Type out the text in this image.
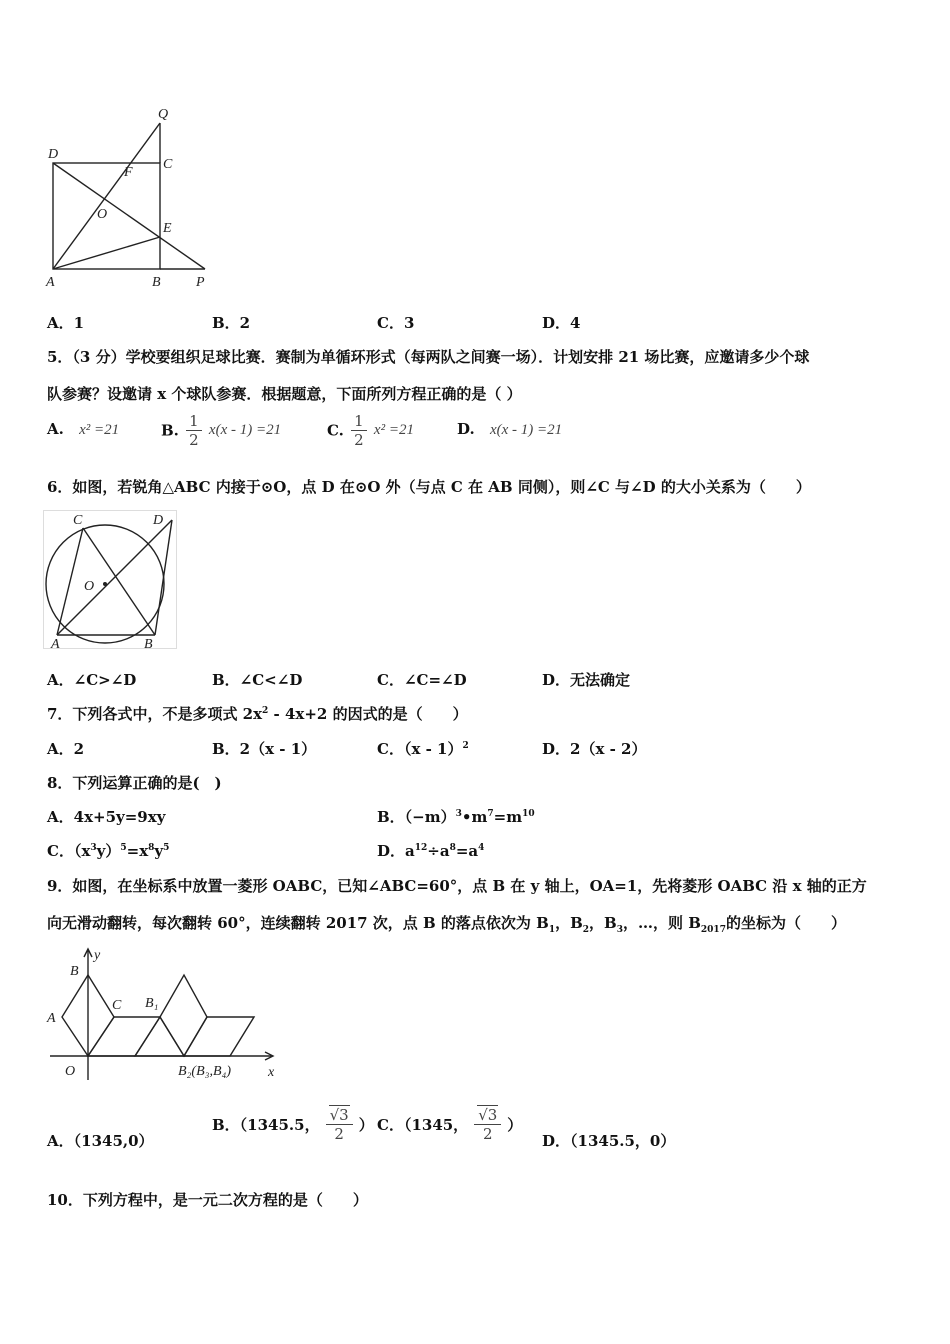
Q
D
C
F
O
E
A	B	P
A．1	B．2	C．3	D．4
5．（3 分）学校要组织足球比赛．赛制为单循环形式（每两队之间赛一场）．计划安排 21 场比赛，应邀请多少个球
队参赛？设邀请 x 个球队参赛．根据题意，下面所列方程正确的是（ ）
A. x² =21	B. $\frac{1}{2} x(x - 1) =21$	C. $\frac{1}{2} x^2 =21$	D. x(x - 1) =21
6．如图，若锐角△ABC 内接于⊙O，点 D 在⊙O 外（与点 C 在 AB 同侧），则∠C 与∠D 的大小关系为（　　）
C	D
O
A	B
A．∠C>∠D	B．∠C<∠D	C．∠C=∠D	D．无法确定
7．下列各式中，不是多项式 $2x^2 - 4x+2$ 的因式的是（　　）
A．2	B．2（x - 1）	C．（x - 1）$^2$	D．2（x - 2）
8．下列运算正确的是(　)
A．4x+5y=9xy	B．$(-m)^3•m^7=m^{10}$
C．$(x^3y)^5=x^8y^5$	D．$a^{12}\div a^8=a^4$
9．如图，在坐标系中放置一菱形 OABC，已知∠ABC=60°，点 B 在 y 轴上，OA=1，先将菱形 OABC 沿 x 轴的正方
向无滑动翻转，每次翻转 60°，连续翻转 2017 次，点 B 的落点依次为 $B_1$，$B_2$，$B_3$，…，则 $B_{2017}$的坐标为（　　）
y
x
B
A
C B₁
O	B₂(B₃,B₄)
A．（1345,0）
B．（1345.5， $\frac{√3}{2}$ ） C．（1345， $\frac{√3}{2}$ ）
D．（1345.5，0）
10．下列方程中，是一元二次方程的是（　　）
